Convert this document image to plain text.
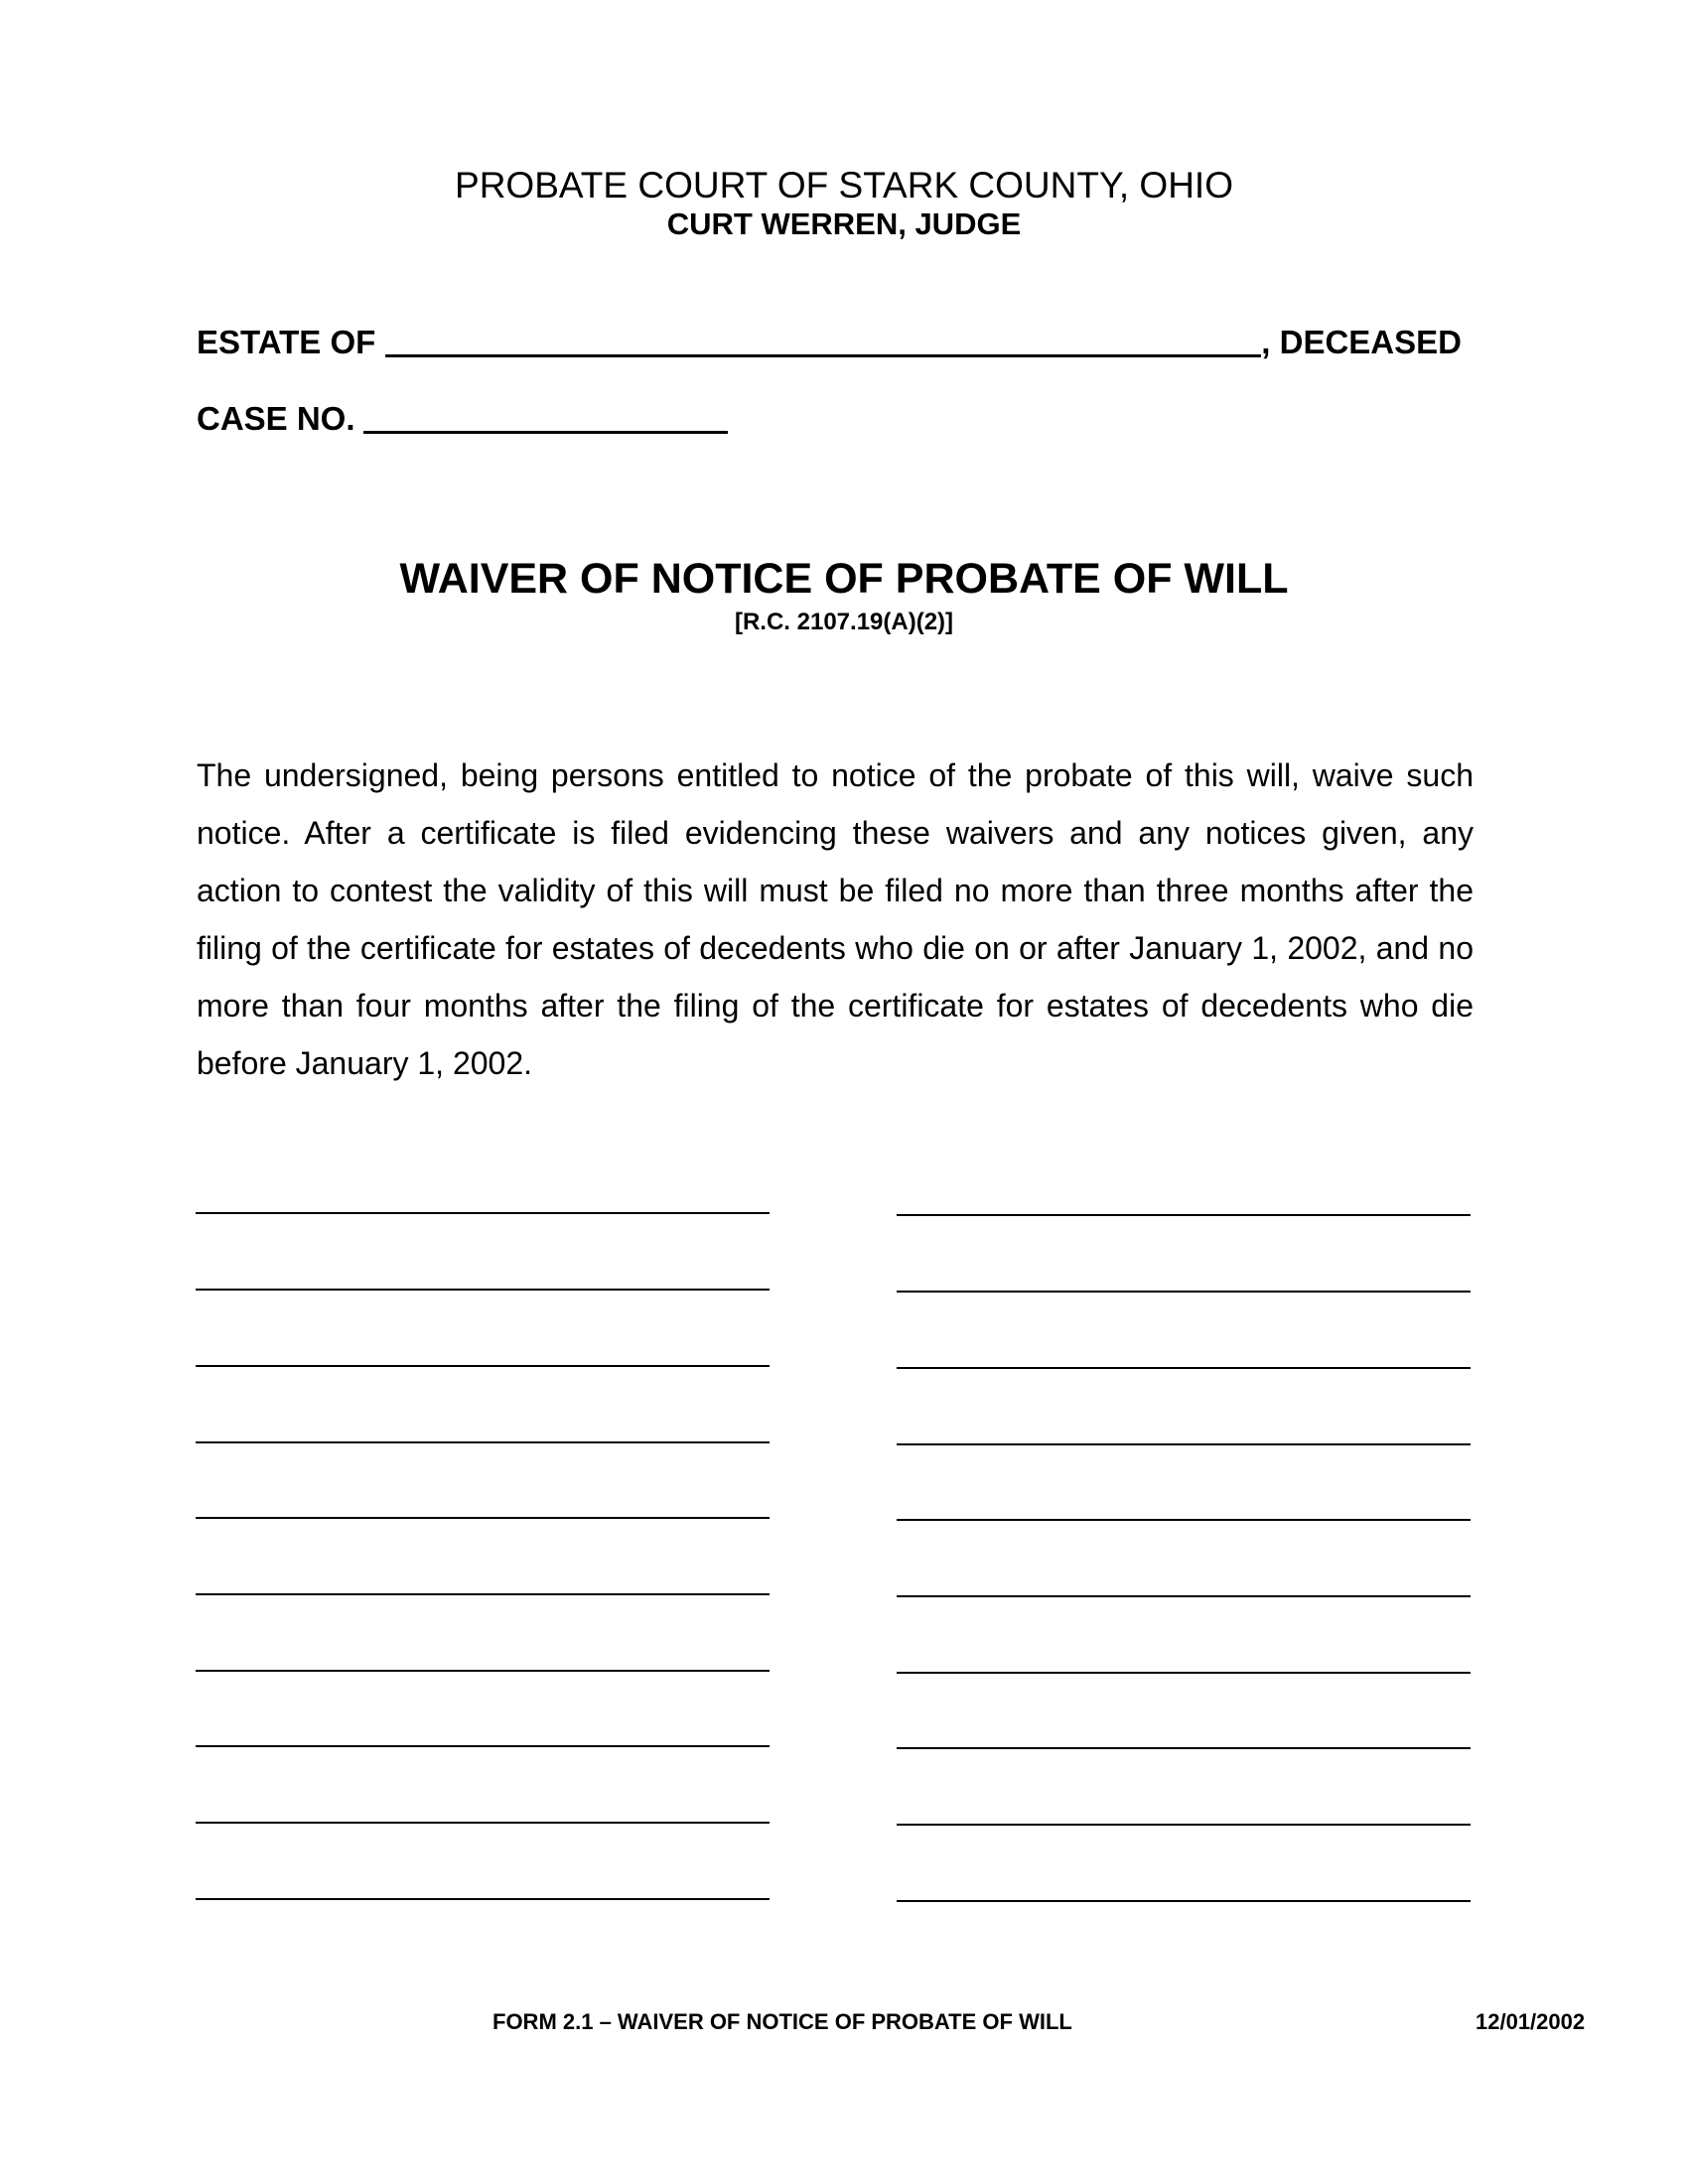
PROBATE COURT OF STARK COUNTY, OHIO
CURT WERREN, JUDGE
ESTATE OF	, DECEASED
CASE NO.
WAIVER OF NOTICE OF PROBATE OF WILL
[R.C. 2107.19(A)(2)]
The undersigned, being persons entitled to notice of the probate of this will, waive such notice. After a certificate is filed evidencing these waivers and any notices given, any action to contest the validity of this will must be filed no more than three months after the filing of the certificate for estates of decedents who die on or after January 1, 2002, and no more than four months after the filing of the certificate for estates of decedents who die before January 1, 2002.
FORM 2.1 – WAIVER OF NOTICE OF PROBATE OF WILL	12/01/2002
